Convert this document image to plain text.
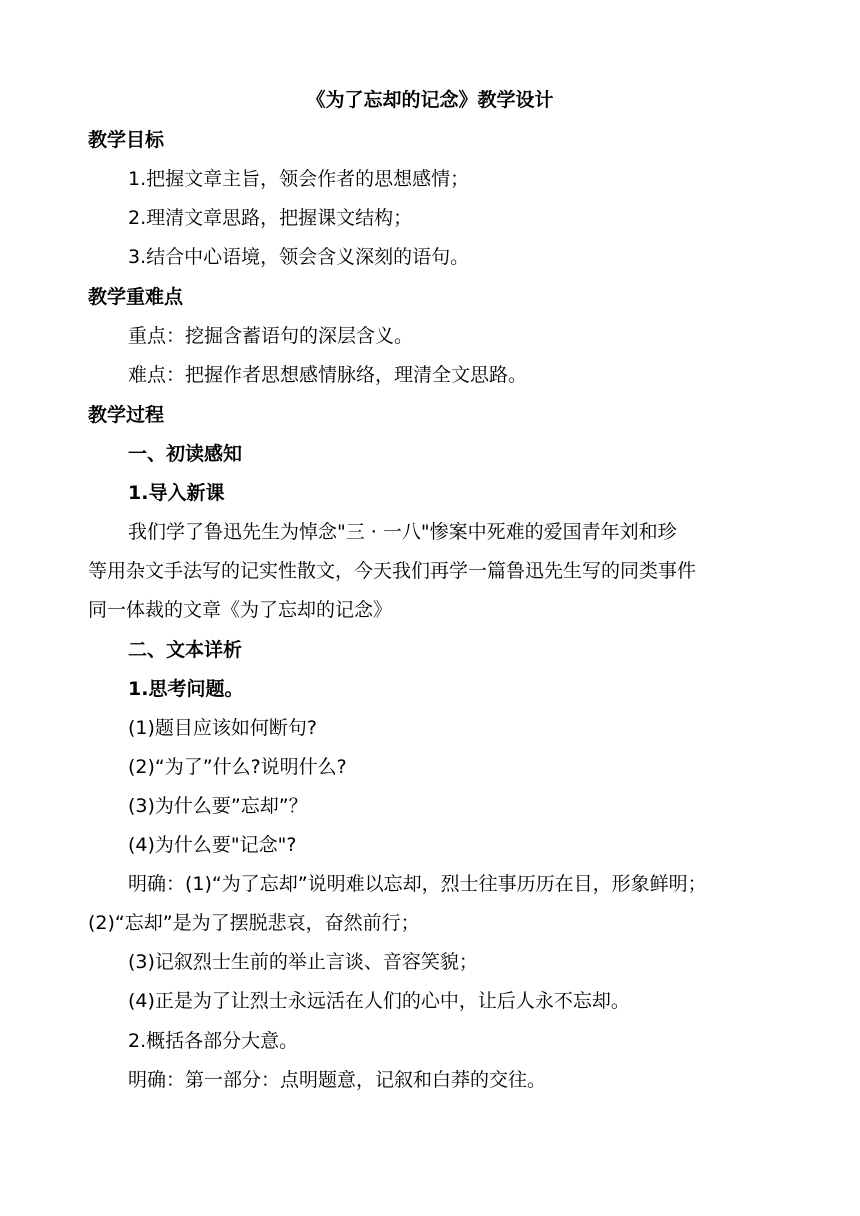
《为了忘却的记念》教学设计
教学目标
1.把握文章主旨，领会作者的思想感情；
2.理清文章思路，把握课文结构；
3.结合中心语境，领会含义深刻的语句。
教学重难点
重点：挖掘含蓄语句的深层含义。
难点：把握作者思想感情脉络，理清全文思路。
教学过程
一、初读感知
1.导入新课
我们学了鲁迅先生为悼念"三 · 一八"惨案中死难的爱国青年刘和珍
等用杂文手法写的记实性散文，今天我们再学一篇鲁迅先生写的同类事件
同一体裁的文章《为了忘却的记念》
二、文本详析
1.思考问题。
(1)题目应该如何断句?
(2)“为了”什么?说明什么?
(3)为什么要”忘却”？
(4)为什么要"记念"?
明确：(1)“为了忘却”说明难以忘却，烈士往事历历在目，形象鲜明；
(2)“忘却”是为了摆脱悲哀，奋然前行；
(3)记叙烈士生前的举止言谈、音容笑貌；
(4)正是为了让烈士永远活在人们的心中，让后人永不忘却。
2.概括各部分大意。
明确：第一部分：点明题意，记叙和白莽的交往。
